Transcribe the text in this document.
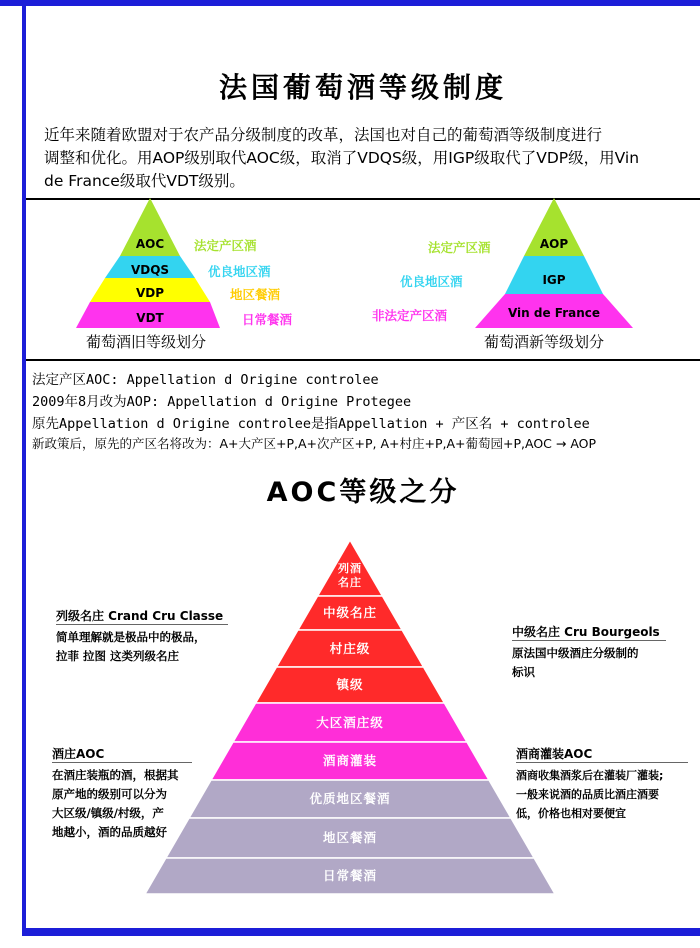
法国葡萄酒等级制度
近年来随着欧盟对于农产品分级制度的改革，法国也对自己的葡萄酒等级制度进行
调整和优化。用AOP级别取代AOC级，取消了VDQS级，用IGP级取代了VDP级，用Vin
de France级取代VDT级别。
AOC
VDQS
VDP
VDT
法定产区酒
优良地区酒
地区餐酒
日常餐酒
葡萄酒旧等级划分
AOP
IGP
Vin de France
法定产区酒
优良地区酒
非法定产区酒
葡萄酒新等级划分
法定产区AOC: Appellation d Origine controlee
2009年8月改为AOP: Appellation d Origine Protegee
原先Appellation d Origine controlee是指Appellation + 产区名 + controlee
新政策后，原先的产区名将改为：A+大产区+P,A+次产区+P, A+村庄+P,A+葡萄园+P,AOC → AOP
AOC等级之分
列酒
名庄
中级名庄
村庄级
镇级
大区酒庄级
酒商灌装
优质地区餐酒
地区餐酒
日常餐酒
列级名庄 Crand Cru Classe
简单理解就是极品中的极品，
拉菲 拉图 这类列级名庄
中级名庄 Cru Bourgeols
原法国中级酒庄分级制的
标识
酒庄AOC
在酒庄装瓶的酒，根据其
原产地的级别可以分为
大区级/镇级/村级，产
地越小，酒的品质越好
酒商灌装AOC
酒商收集酒浆后在灌装厂灌装;
一般来说酒的品质比酒庄酒要
低，价格也相对要便宜
